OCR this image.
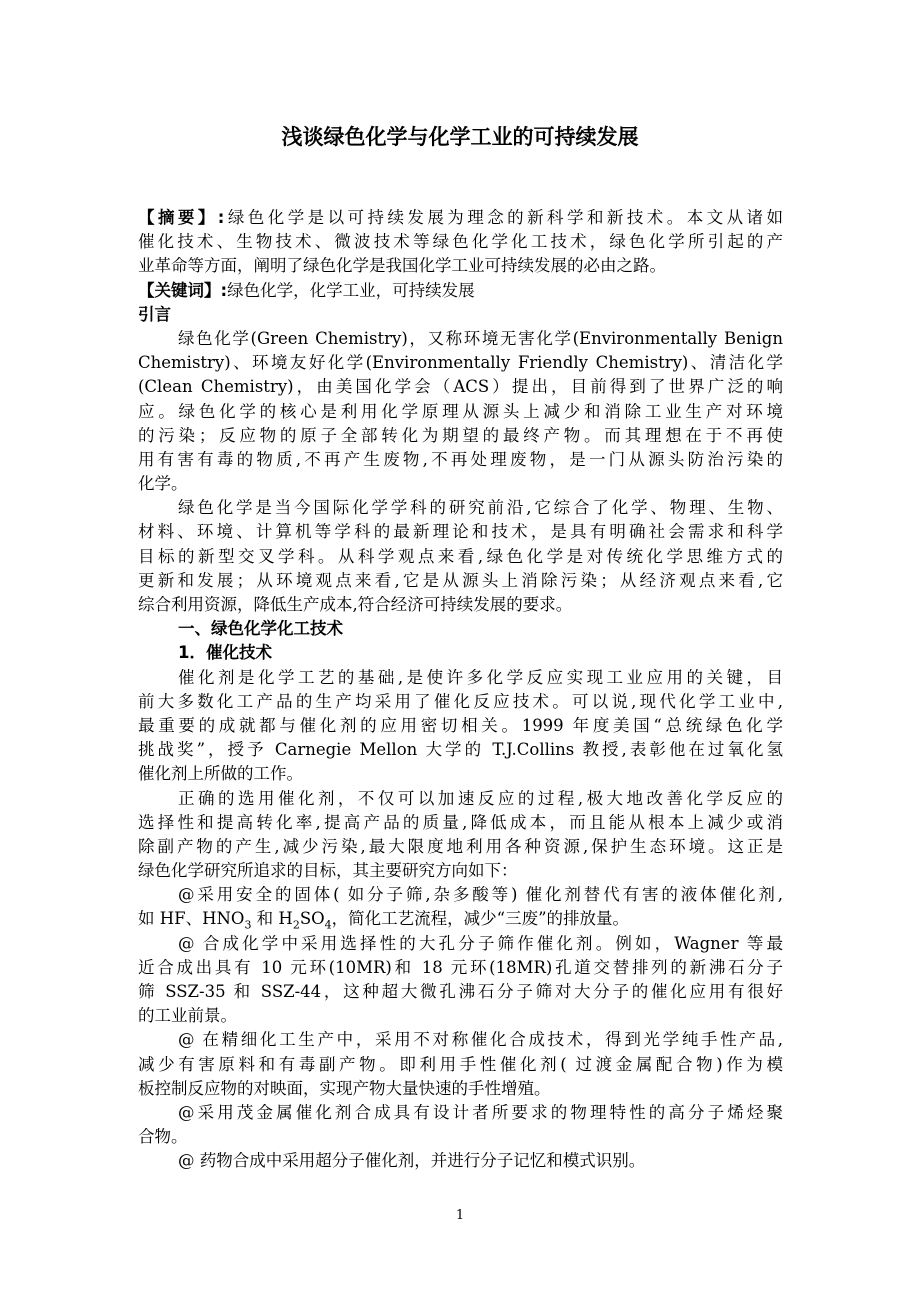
浅谈绿色化学与化学工业的可持续发展
【摘要】:绿色化学是以可持续发展为理念的新科学和新技术。本文从诸如
催化技术、生物技术、微波技术等绿色化学化工技术，绿色化学所引起的产
业革命等方面，阐明了绿色化学是我国化学工业可持续发展的必由之路。
【关键词】:绿色化学，化学工业，可持续发展
引言
绿色化学(Green Chemistry)，又称环境无害化学(Environmentally Benign
Chemistry)、环境友好化学(Environmentally Friendly Chemistry)、清洁化学
(Clean Chemistry)，由美国化学会（ACS）提出，目前得到了世界广泛的响
应。绿色化学的核心是利用化学原理从源头上减少和消除工业生产对环境
的污染；反应物的原子全部转化为期望的最终产物。而其理想在于不再使
用有害有毒的物质,不再产生废物,不再处理废物，是一门从源头防治污染的
化学。
绿色化学是当今国际化学学科的研究前沿,它综合了化学、物理、生物、
材料、环境、计算机等学科的最新理论和技术，是具有明确社会需求和科学
目标的新型交叉学科。从科学观点来看,绿色化学是对传统化学思维方式的
更新和发展；从环境观点来看,它是从源头上消除污染；从经济观点来看,它
综合利用资源，降低生产成本,符合经济可持续发展的要求。
一、绿色化学化工技术
1．催化技术
催化剂是化学工艺的基础,是使许多化学反应实现工业应用的关键，目
前大多数化工产品的生产均采用了催化反应技术。可以说,现代化学工业中,
最重要的成就都与催化剂的应用密切相关。1999 年度美国“总统绿色化学
挑战奖”，授予 Carnegie Mellon 大学的 T.J.Collins 教授,表彰他在过氧化氢
催化剂上所做的工作。
正确的选用催化剂，不仅可以加速反应的过程,极大地改善化学反应的
选择性和提高转化率,提高产品的质量,降低成本，而且能从根本上减少或消
除副产物的产生,减少污染,最大限度地利用各种资源,保护生态环境。这正是
绿色化学研究所追求的目标，其主要研究方向如下：
@采用安全的固体( 如分子筛,杂多酸等) 催化剂替代有害的液体催化剂,
如 HF、$HNO_3$ 和 $H_2SO_4$，简化工艺流程，减少“三废”的排放量。
@ 合成化学中采用选择性的大孔分子筛作催化剂。例如，Wagner 等最
近合成出具有 10 元环(10MR)和 18 元环(18MR)孔道交替排列的新沸石分子
筛 SSZ-35 和 SSZ-44，这种超大微孔沸石分子筛对大分子的催化应用有很好
的工业前景。
@ 在精细化工生产中，采用不对称催化合成技术，得到光学纯手性产品,
减少有害原料和有毒副产物。即利用手性催化剂( 过渡金属配合物)作为模
板控制反应物的对映面，实现产物大量快速的手性增殖。
@采用茂金属催化剂合成具有设计者所要求的物理特性的高分子烯烃聚
合物。
@ 药物合成中采用超分子催化剂，并进行分子记忆和模式识别。
1
